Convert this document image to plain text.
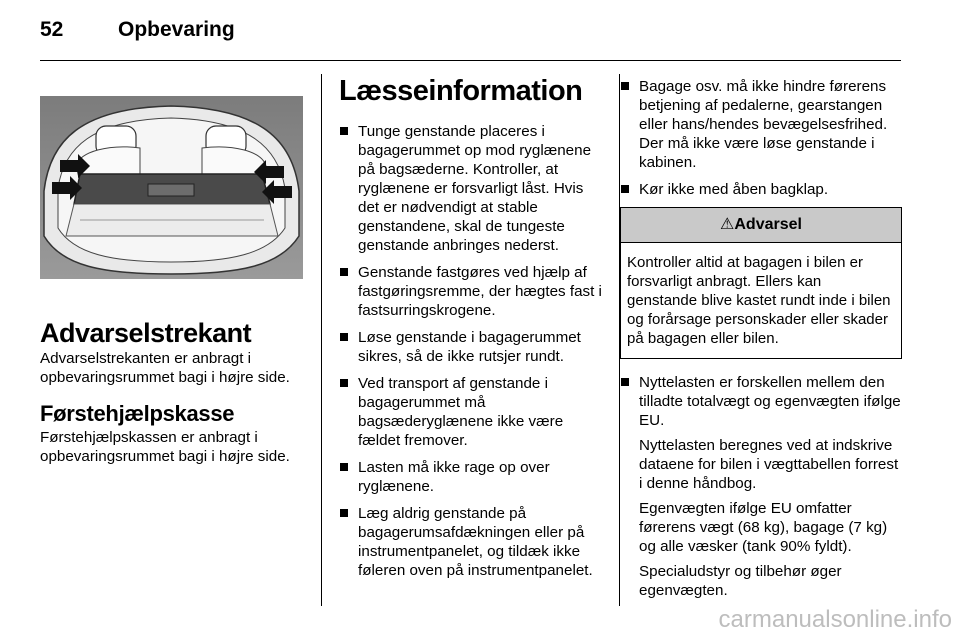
52	Opbevaring
Advarselstrekant

Advarselstrekanten er anbragt i opbevaringsrummet bagi i højre side.

Førstehjælpskasse

Førstehjælpskassen er anbragt i opbevaringsrummet bagi i højre side.

Læsseinformation
Tunge genstande placeres i bagagerummet op mod ryglænene på bagsæderne. Kontroller, at ryglænene er forsvarligt låst. Hvis det er nødvendigt at stable genstandene, skal de tungeste genstande anbringes nederst.
Genstande fastgøres ved hjælp af fastgøringsremme, der hægtes fast i fastsurringskrogene.
Løse genstande i bagagerummet sikres, så de ikke rutsjer rundt.
Ved transport af genstande i bagagerummet må bagsæderyglænene ikke være fældet fremover.
Lasten må ikke rage op over ryglænene.
Læg aldrig genstande på bagagerumsafdækningen eller på instrumentpanelet, og tildæk ikke føleren oven på instrumentpanelet.
Bagage osv. må ikke hindre førerens betjening af pedalerne, gearstangen eller hans/hendes bevægelsesfrihed. Der må ikke være løse genstande i kabinen.
Kør ikke med åben bagklap.
⚠Advarsel
Kontroller altid at bagagen i bilen er forsvarligt anbragt. Ellers kan genstande blive kastet rundt inde i bilen og forårsage personskader eller skader på bagagen eller bilen.

Nyttelasten er forskellen mellem den tilladte totalvægt og egenvægten ifølge EU.

Nyttelasten beregnes ved at indskrive dataene for bilen i vægttabellen forrest i denne håndbog.

Egenvægten ifølge EU omfatter førerens vægt (68 kg), bagage (7 kg) og alle væsker (tank 90% fyldt).

Specialudstyr og tilbehør øger egenvægten.

carmanualsonline.info
